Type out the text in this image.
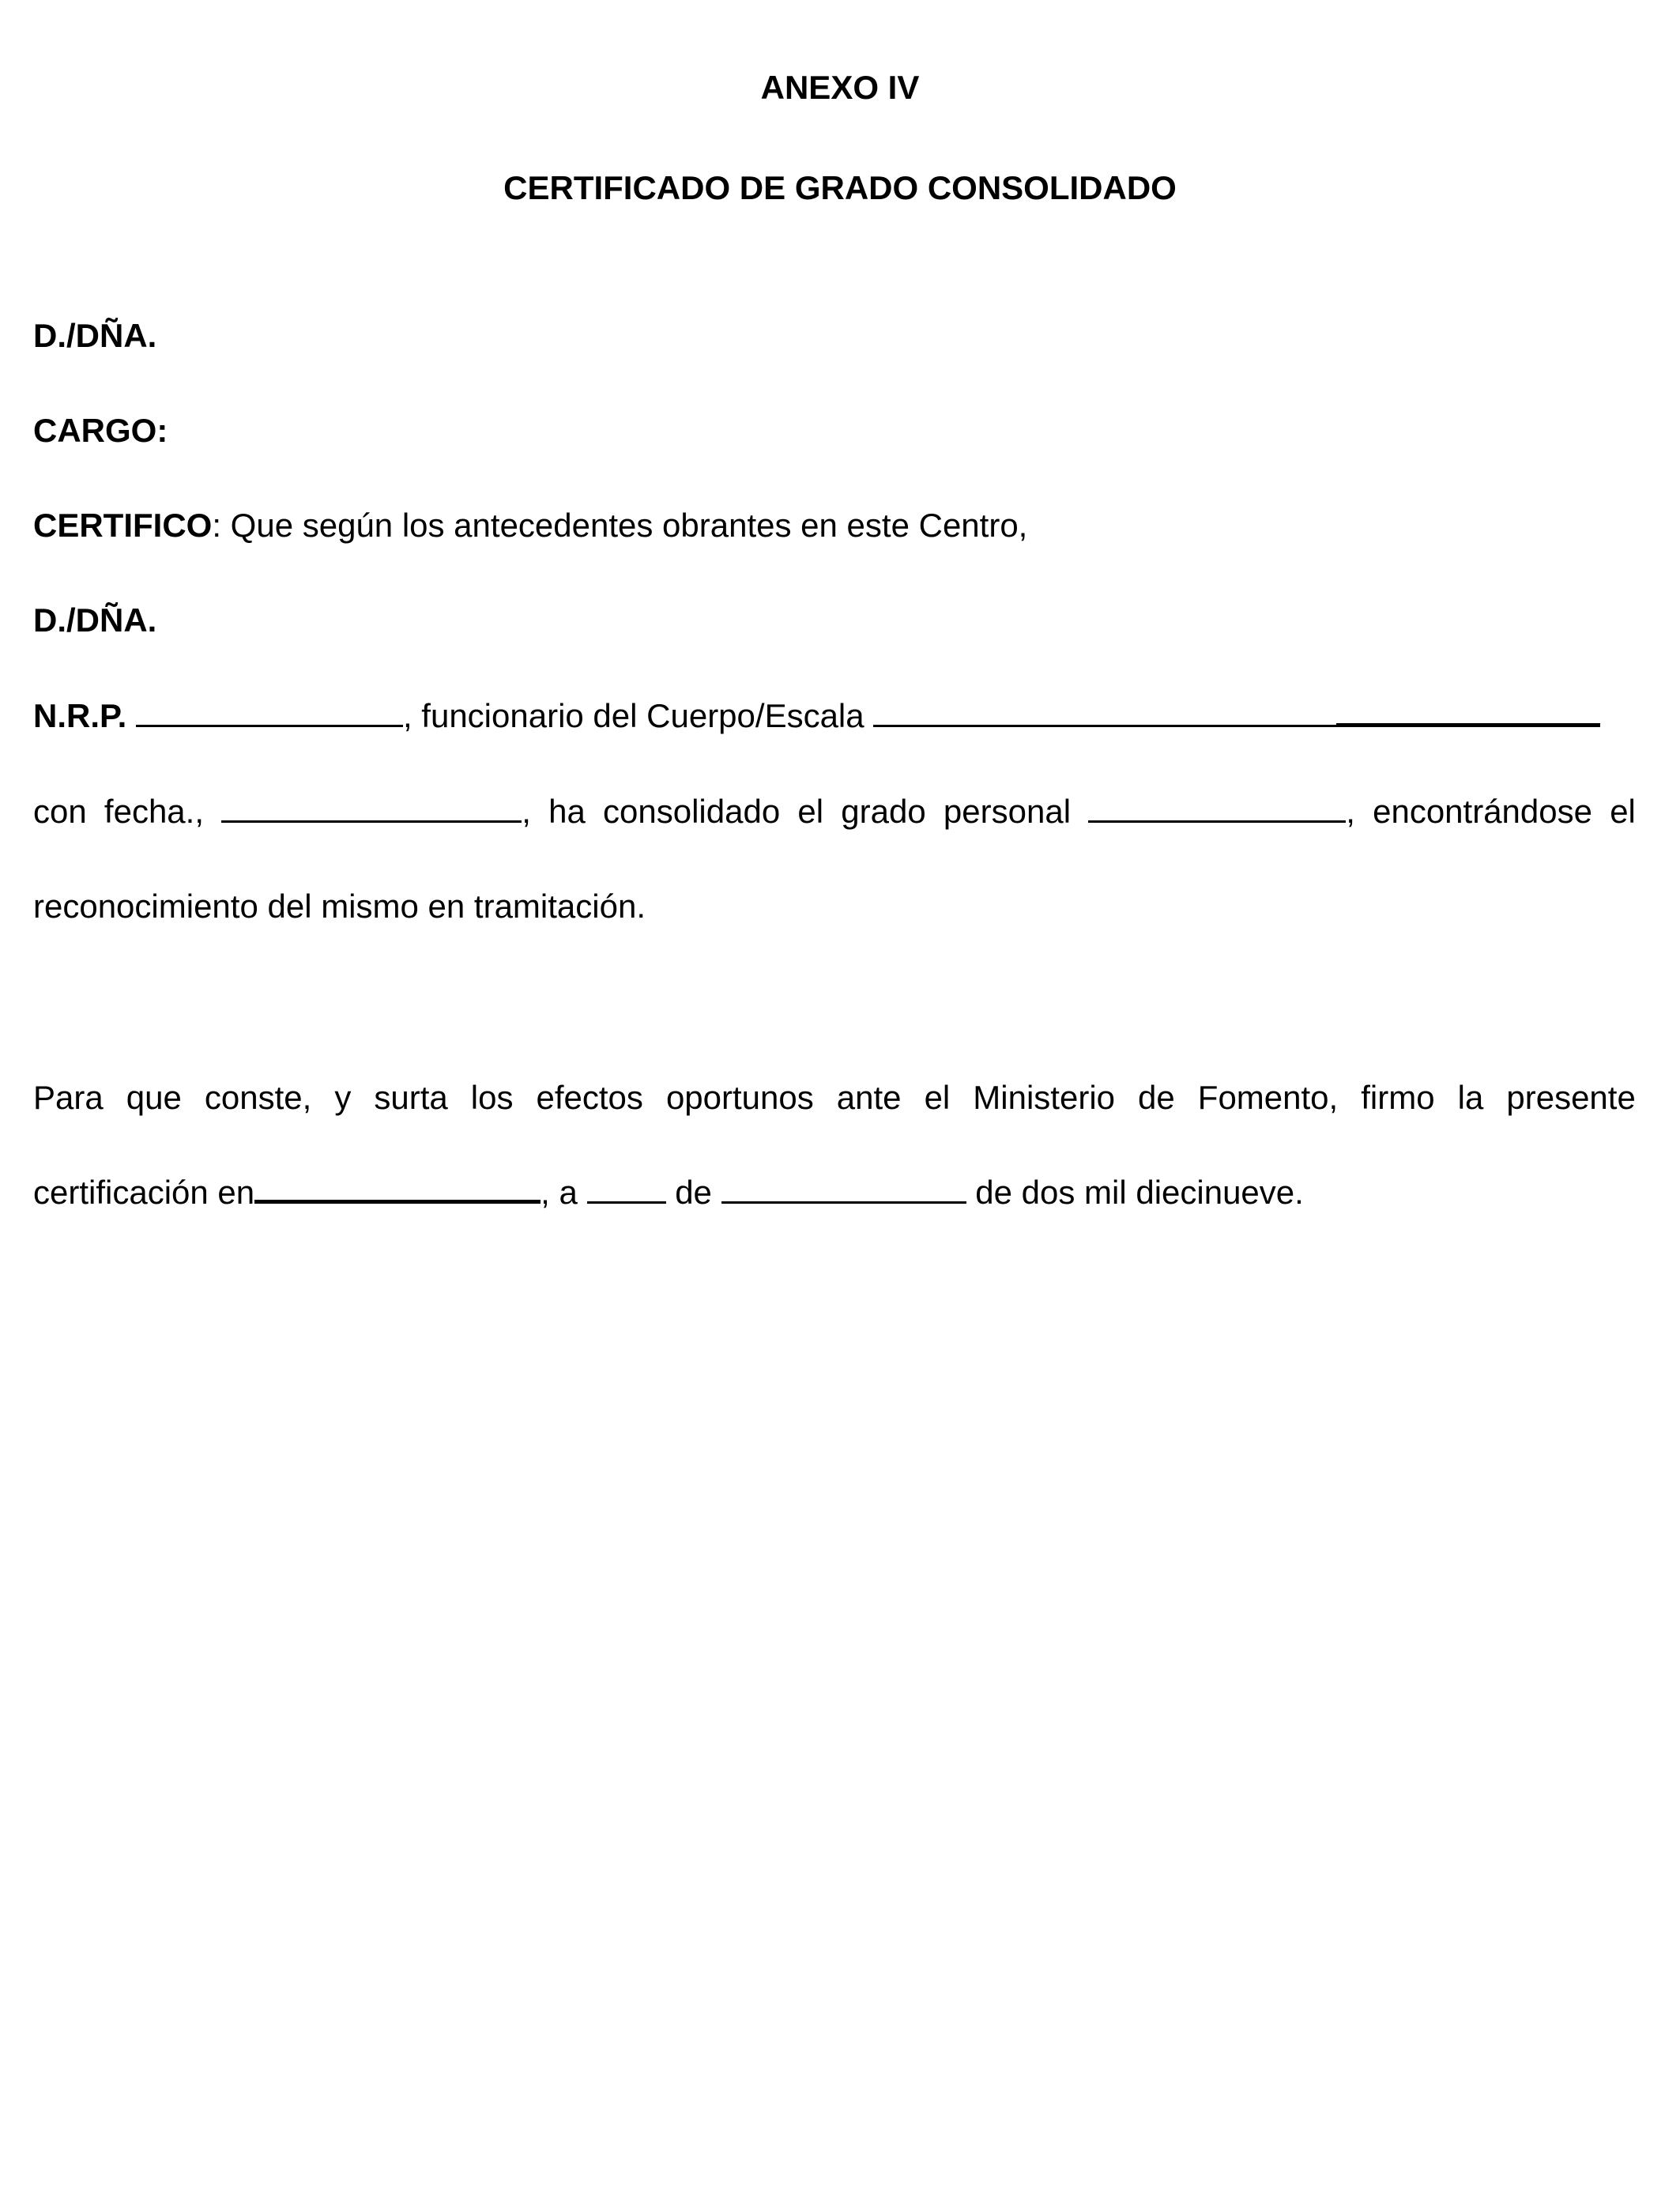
ANEXO IV
CERTIFICADO DE GRADO CONSOLIDADO
D./DÑA.
CARGO:
CERTIFICO: Que según los antecedentes obrantes en este Centro,
D./DÑA.
N.R.P.	, funcionario del Cuerpo/Escala
con fecha.,	, ha consolidado el grado personal	, encontrándose el
reconocimiento del mismo en tramitación.
Para que conste, y surta los efectos oportunos ante el Ministerio de Fomento, firmo la presente
certificación en	, a	de	de dos mil diecinueve.
